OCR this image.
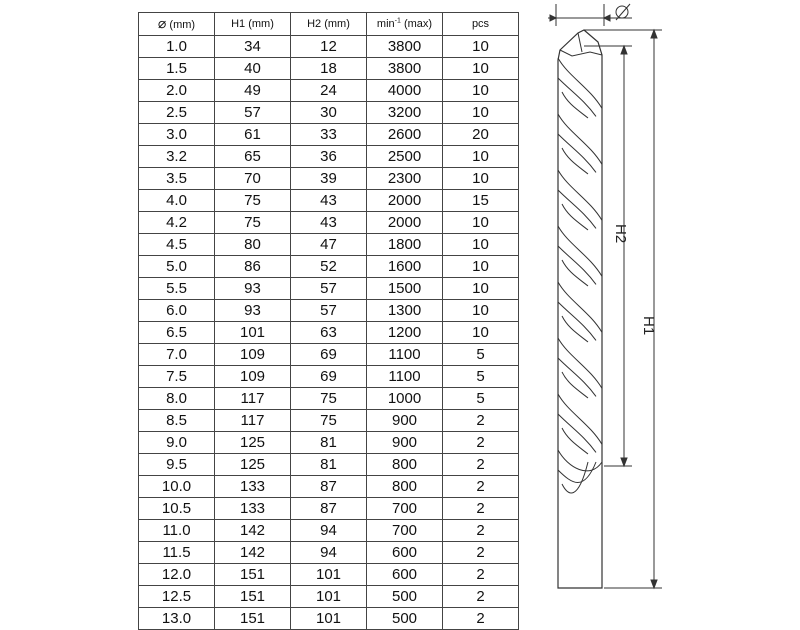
⌀ (mm)	H1 (mm)	H2 (mm)	$\min^{-1} (\max)$	pcs
1.0	34	12	3800	10
1.5	40	18	3800	10
2.0	49	24	4000	10
2.5	57	30	3200	10
3.0	61	33	2600	20
3.2	65	36	2500	10
3.5	70	39	2300	10
4.0	75	43	2000	15
4.2	75	43	2000	10
4.5	80	47	1800	10
5.0	86	52	1600	10
5.5	93	57	1500	10
6.0	93	57	1300	10
6.5	101	63	1200	10
7.0	109	69	1100	5
7.5	109	69	1100	5
8.0	117	75	1000	5
8.5	117	75	900	2
9.0	125	81	900	2
9.5	125	81	800	2
10.0	133	87	800	2
10.5	133	87	700	2
11.0	142	94	700	2
11.5	142	94	600	2
12.0	151	101	600	2
12.5	151	101	500	2
13.0	151	101	500	2
H2
H1
